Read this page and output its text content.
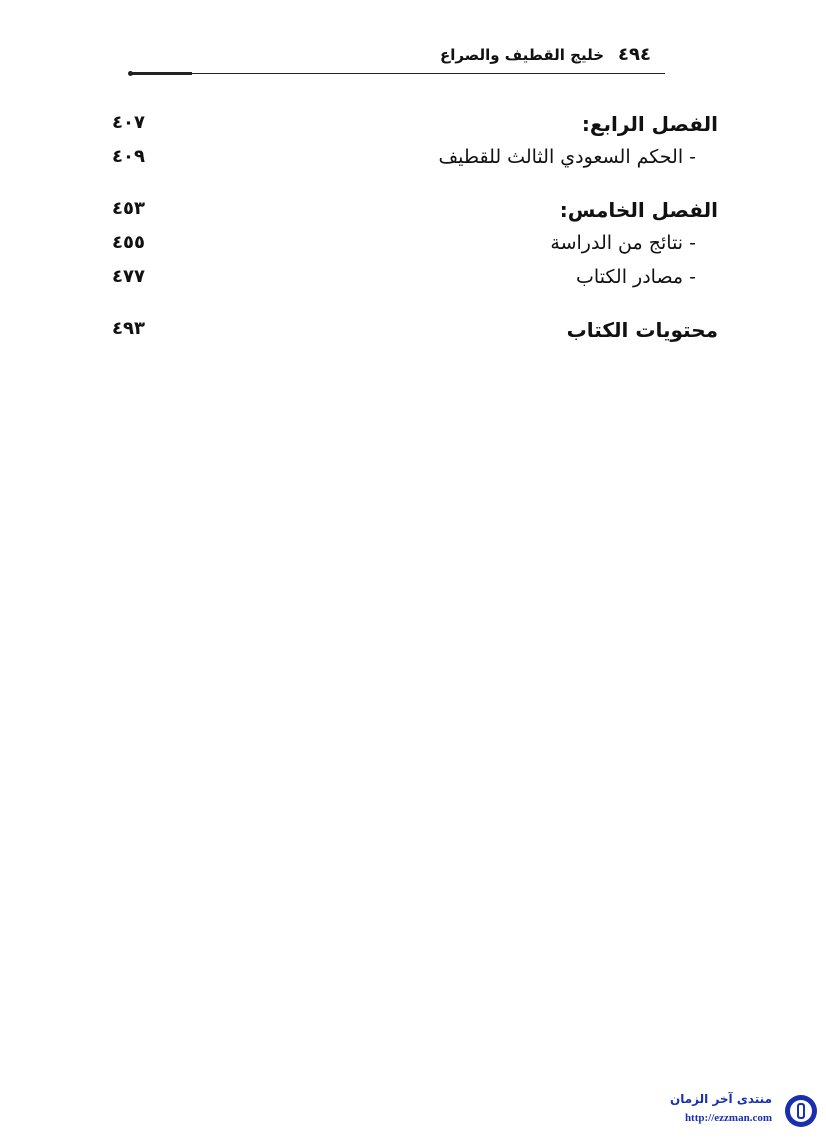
٤٩٤
خليج القطيف والصراع
الفصل الرابع:
٤٠٧
- الحكم السعودي الثالث للقطيف
٤٠٩
الفصل الخامس:
٤٥٣
- نتائج من الدراسة
٤٥٥
- مصادر الكتاب
٤٧٧
محتويات الكتاب
٤٩٣
منتدى آخر الزمان
http://ezzman.com
